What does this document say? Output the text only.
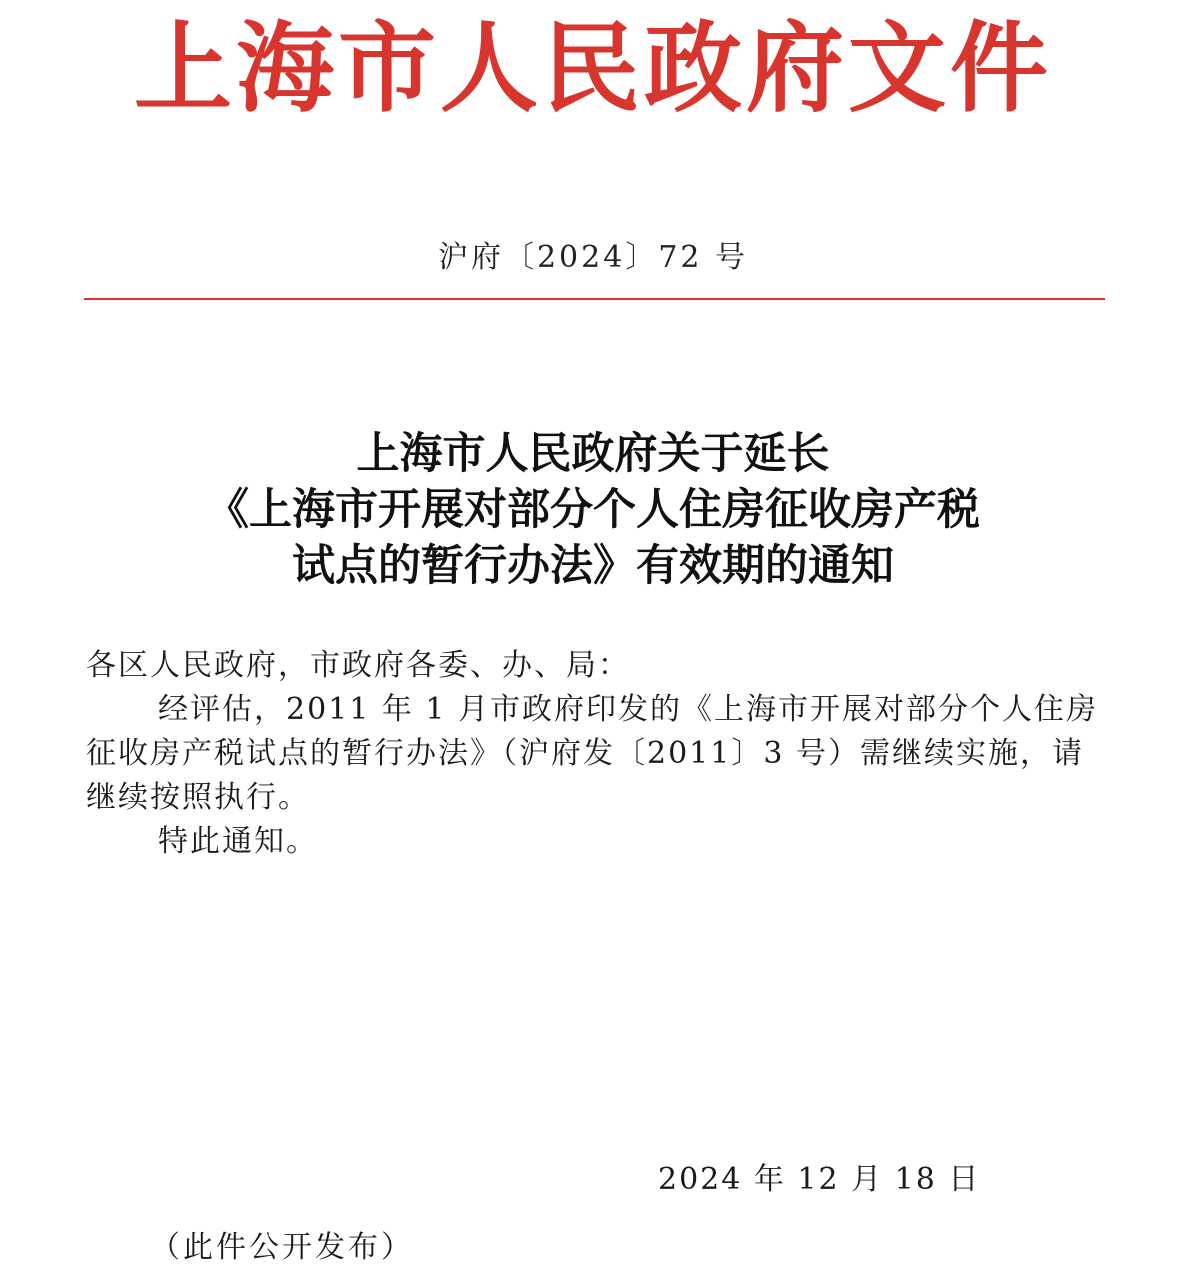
上海市人民政府文件
沪府〔2024〕72 号
上海市人民政府关于延长
《上海市开展对部分个人住房征收房产税
试点的暂行办法》有效期的通知

各区人民政府，市政府各委、办、局：

经评估，2011 年 1 月市政府印发的《上海市开展对部分个人住房征收房产税试点的暂行办法》（沪府发〔2011〕3 号）需继续实施，请继续按照执行。

特此通知。

2024 年 12 月 18 日
（此件公开发布）
